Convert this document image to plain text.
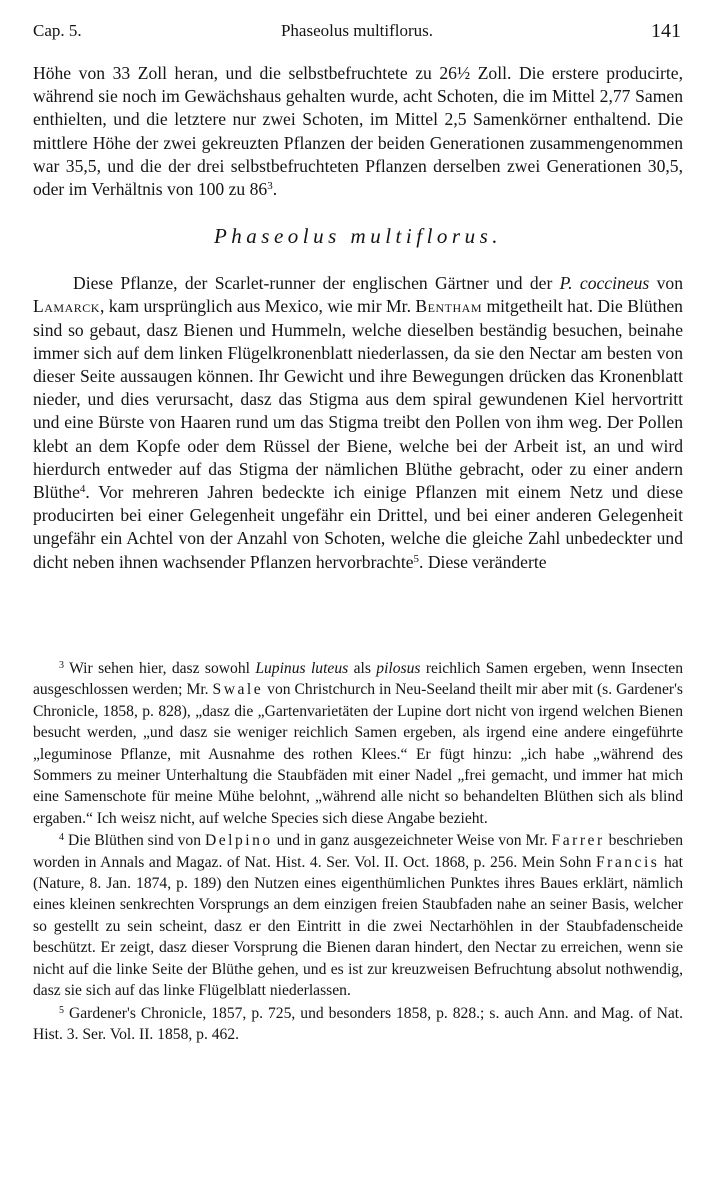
Cap. 5.	Phaseolus multiflorus.	141

Höhe von 33 Zoll heran, und die selbstbefruchtete zu 26½ Zoll. Die erstere producirte, während sie noch im Gewächshaus gehalten wurde, acht Schoten, die im Mittel 2,77 Samen enthielten, und die letztere nur zwei Schoten, im Mittel 2,5 Samenkörner enthaltend. Die mittlere Höhe der zwei gekreuzten Pflanzen der beiden Generationen zusammengenommen war 35,5, und die der drei selbstbefruchteten Pflanzen derselben zwei Generationen 30,5, oder im Verhältnis von 100 zu $86^3$.

Phaseolus multiflorus.

Diese Pflanze, der Scarlet-runner der englischen Gärtner und der P. coccineus von Lamarck, kam ursprünglich aus Mexico, wie mir Mr. Bentham mitgetheilt hat. Die Blüthen sind so gebaut, dasz Bienen und Hummeln, welche dieselben beständig besuchen, beinahe immer sich auf dem linken Flügelkronenblatt niederlassen, da sie den Nectar am besten von dieser Seite aussaugen können. Ihr Gewicht und ihre Bewegungen drücken das Kronenblatt nieder, und dies verursacht, dasz das Stigma aus dem spiral gewundenen Kiel hervortritt und eine Bürste von Haaren rund um das Stigma treibt den Pollen von ihm weg. Der Pollen klebt an dem Kopfe oder dem Rüssel der Biene, welche bei der Arbeit ist, an und wird hierdurch entweder auf das Stigma der nämlichen Blüthe gebracht, oder zu einer andern Blüthe$^4$. Vor mehreren Jahren bedeckte ich einige Pflanzen mit einem Netz und diese producirten bei einer Gelegenheit ungefähr ein Drittel, und bei einer anderen Gelegenheit ungefähr ein Achtel von der Anzahl von Schoten, welche die gleiche Zahl unbedeckter und dicht neben ihnen wachsender Pflanzen hervorbrachte$^5$. Diese veränderte

$^3$ Wir sehen hier, dasz sowohl Lupinus luteus als pilosus reichlich Samen ergeben, wenn Insecten ausgeschlossen werden; Mr. Swale von Christchurch in Neu-Seeland theilt mir aber mit (s. Gardener's Chronicle, 1858, p. 828), „dasz die „Gartenvarietäten der Lupine dort nicht von irgend welchen Bienen besucht werden, „und dasz sie weniger reichlich Samen ergeben, als irgend eine andere eingeführte „leguminose Pflanze, mit Ausnahme des rothen Klees.“ Er fügt hinzu: „ich habe „während des Sommers zu meiner Unterhaltung die Staubfäden mit einer Nadel „frei gemacht, und immer hat mich eine Samenschote für meine Mühe belohnt, „während alle nicht so behandelten Blüthen sich als blind ergaben.“ Ich weisz nicht, auf welche Species sich diese Angabe bezieht.

$^4$ Die Blüthen sind von Delpino und in ganz ausgezeichneter Weise von Mr. Farrer beschrieben worden in Annals and Magaz. of Nat. Hist. 4. Ser. Vol. II. Oct. 1868, p. 256. Mein Sohn Francis hat (Nature, 8. Jan. 1874, p. 189) den Nutzen eines eigenthümlichen Punktes ihres Baues erklärt, nämlich eines kleinen senkrechten Vorsprungs an dem einzigen freien Staubfaden nahe an seiner Basis, welcher so gestellt zu sein scheint, dasz er den Eintritt in die zwei Nectarhöhlen in der Staubfadenscheide beschützt. Er zeigt, dasz dieser Vorsprung die Bienen daran hindert, den Nectar zu erreichen, wenn sie nicht auf die linke Seite der Blüthe gehen, und es ist zur kreuzweisen Befruchtung absolut nothwendig, dasz sie sich auf das linke Flügelblatt niederlassen.

$^5$ Gardener's Chronicle, 1857, p. 725, und besonders 1858, p. 828.; s. auch Ann. and Mag. of Nat. Hist. 3. Ser. Vol. II. 1858, p. 462.
